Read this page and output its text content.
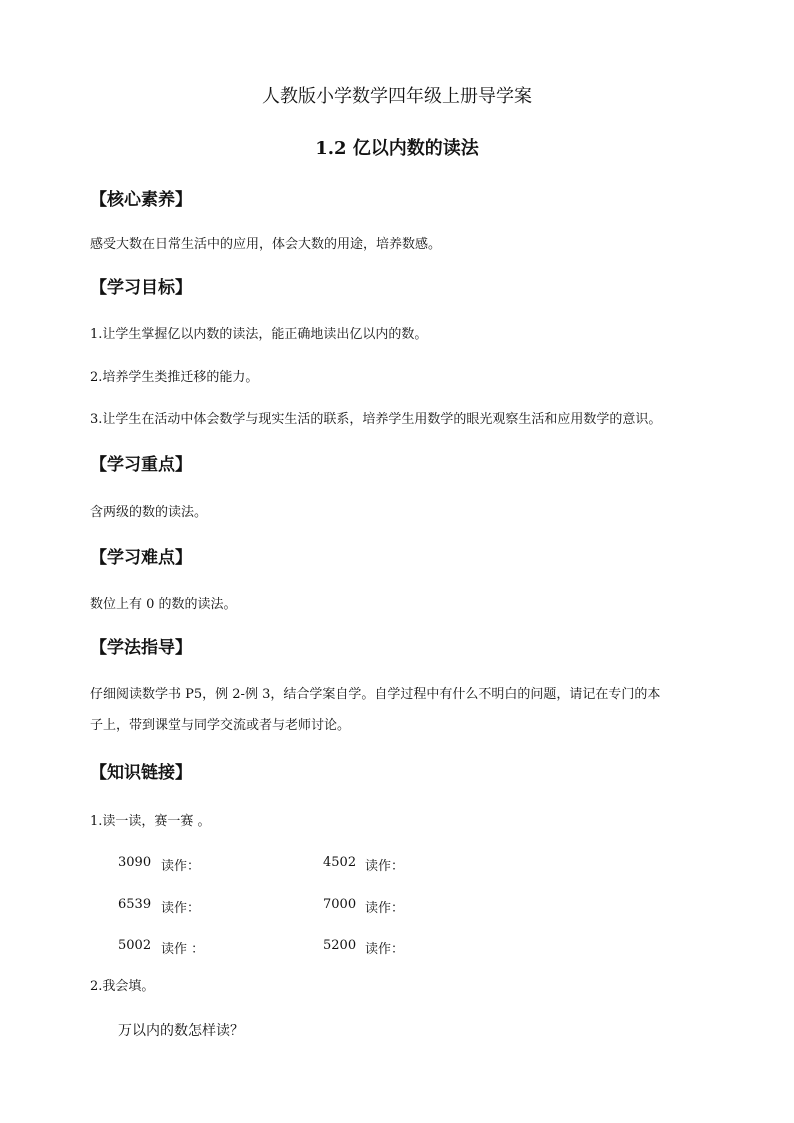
人教版小学数学四年级上册导学案
1.2 亿以内数的读法
【核心素养】
感受大数在日常生活中的应用，体会大数的用途，培养数感。
【学习目标】
1.让学生掌握亿以内数的读法，能正确地读出亿以内的数。
2.培养学生类推迁移的能力。
3.让学生在活动中体会数学与现实生活的联系，培养学生用数学的眼光观察生活和应用数学的意识。
【学习重点】
含两级的数的读法。
【学习难点】
数位上有 0 的数的读法。
【学法指导】
仔细阅读数学书 P5，例 2-例 3，结合学案自学。自学过程中有什么不明白的问题，请记在专门的本
子上，带到课堂与同学交流或者与老师讨论。
【知识链接】
1.读一读，赛一赛 。
3090 读作：	4502 读作：
6539 读作：	7000 读作：
5002 读作 ：	5200 读作：
2.我会填。
万以内的数怎样读？
